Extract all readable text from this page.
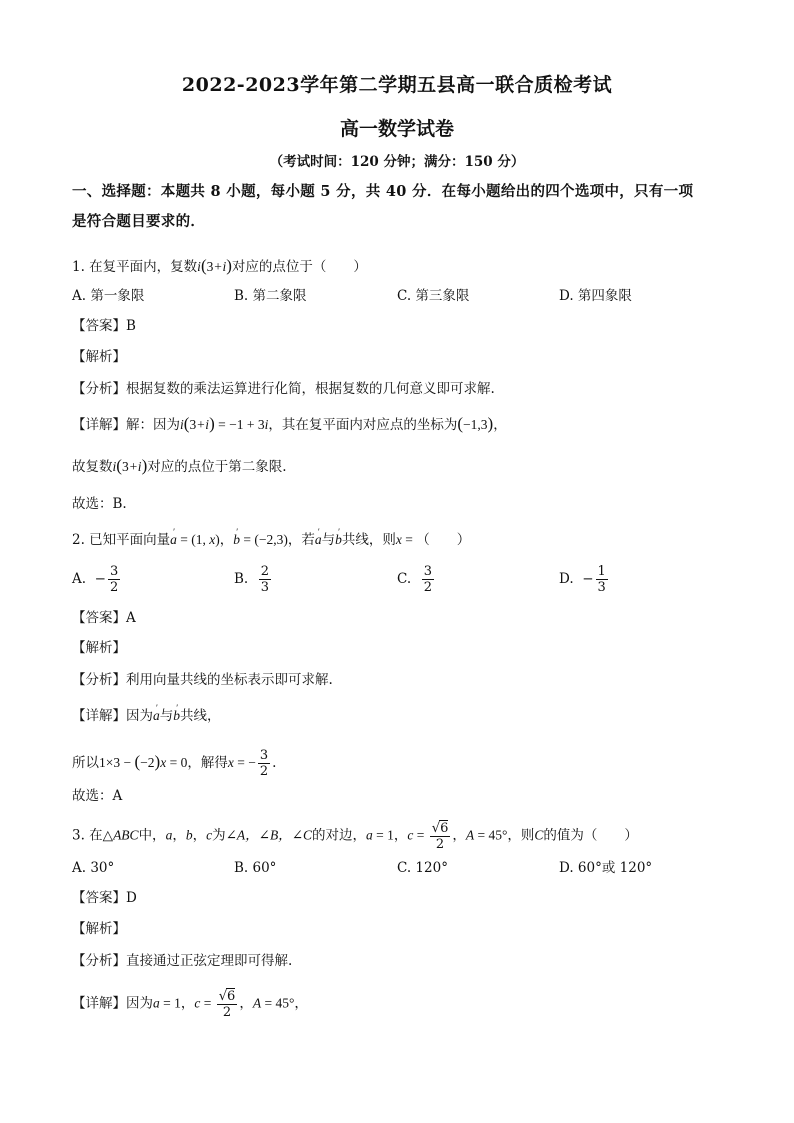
2022-2023学年第二学期五县高一联合质检考试
高一数学试卷
（考试时间：120 分钟；满分：150 分）
一、选择题：本题共 8 小题，每小题 5 分，共 40 分．在每小题给出的四个选项中，只有一项
是符合题目要求的．
1. 在复平面内，复数i(3+i)对应的点位于（　　）
A. 第一象限	B. 第二象限	C. 第三象限	D. 第四象限
【答案】B
【解析】
【分析】根据复数的乘法运算进行化简，根据复数的几何意义即可求解.
【详解】解：因为i(3+i) = −1 + 3i，其在复平面内对应点的坐标为(−1,3)，
故复数i(3+i)对应的点位于第二象限.
故选：B.
2. 已知平面向量′ a = (1, x)，′ b = (−2,3)，若′ a与′ b共线，则x = （　　）
A.  − $\frac{3}{2}$	B. $\frac{2}{3}$	C. $\frac{3}{2}$	D.  − $\frac{1}{3}$
【答案】A
【解析】
【分析】利用向量共线的坐标表示即可求解.
【详解】因为′ a与′ b共线，
所以1×3 − (−2)x = 0，解得x = − $\frac{3}{2}$ .
故选：A
3. 在△ABC中，a，b，c为∠A，∠B，∠C的对边，a = 1，$c = \frac{√6}{2}$ ，A = 45°，则C的值为（　　）
A. 30°	B. 60°	C. 120°	D. 60°或 120°
【答案】D
【解析】
【分析】直接通过正弦定理即可得解.
【详解】因为a = 1，$c = \frac{√6}{2}$ ，A = 45°，
